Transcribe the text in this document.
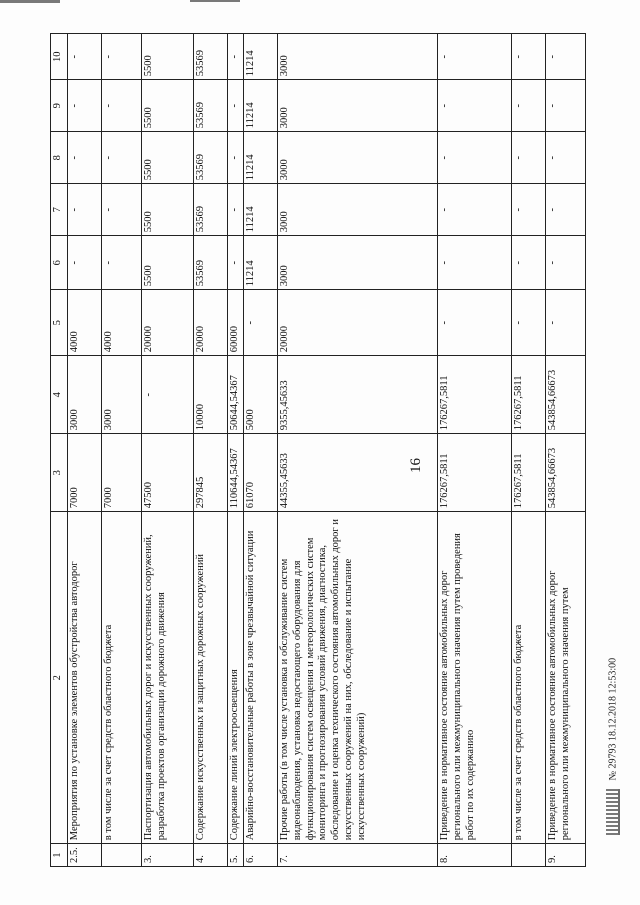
16
1	2	3	4	5	6	7	8	9	10
2.5.	Мероприятия по установке элементов обустройства автодорог	7000	3000	4000	-	-	-	-	-
	в том числе за счет средств областного бюджета	7000	3000	4000	-	-	-	-	-
3.	Паспортизация автомобильных дорог и искусственных сооружений, разработка проектов организации дорожного движения	47500	-	20000	5500	5500	5500	5500	5500
4.	Содержание искусственных и защитных дорожных сооружений	297845	10000	20000	53569	53569	53569	53569	53569
5.	Содержание линий электроосвещения	110644,54367	50644,54367	60000	-	-	-	-	-
6.	Аварийно-восстановительные работы в зоне чрезвычайной ситуации	61070	5000	-	11214	11214	11214	11214	11214
7.	Прочие работы (в том числе установка и обслуживание систем видеонаблюдения, установка недостающего оборудования для функционирования систем освещения и метеорологических систем мониторинга и прогнозирования условий движения, диагностика, обследование и оценка технического состояния автомобильных дорог и искусственных сооружений на них, обследование и испытание искусственных сооружений)	44355,45633	9355,45633	20000	3000	3000	3000	3000	3000
8.	Приведение в нормативное состояние автомобильных дорог регионального или межмуниципального значения путем проведения работ по их содержанию	176267,5811	176267,5811	-	-	-	-	-	-
	в том числе за счет средств областного бюджета	176267,5811	176267,5811	-	-	-	-	-	-
9.	Приведение в нормативное состояние автомобильных дорог регионального или межмуниципального значения путем	543854,66673	543854,66673	-	-	-	-	-	-
№ 29793 18.12.2018 12:53:00
